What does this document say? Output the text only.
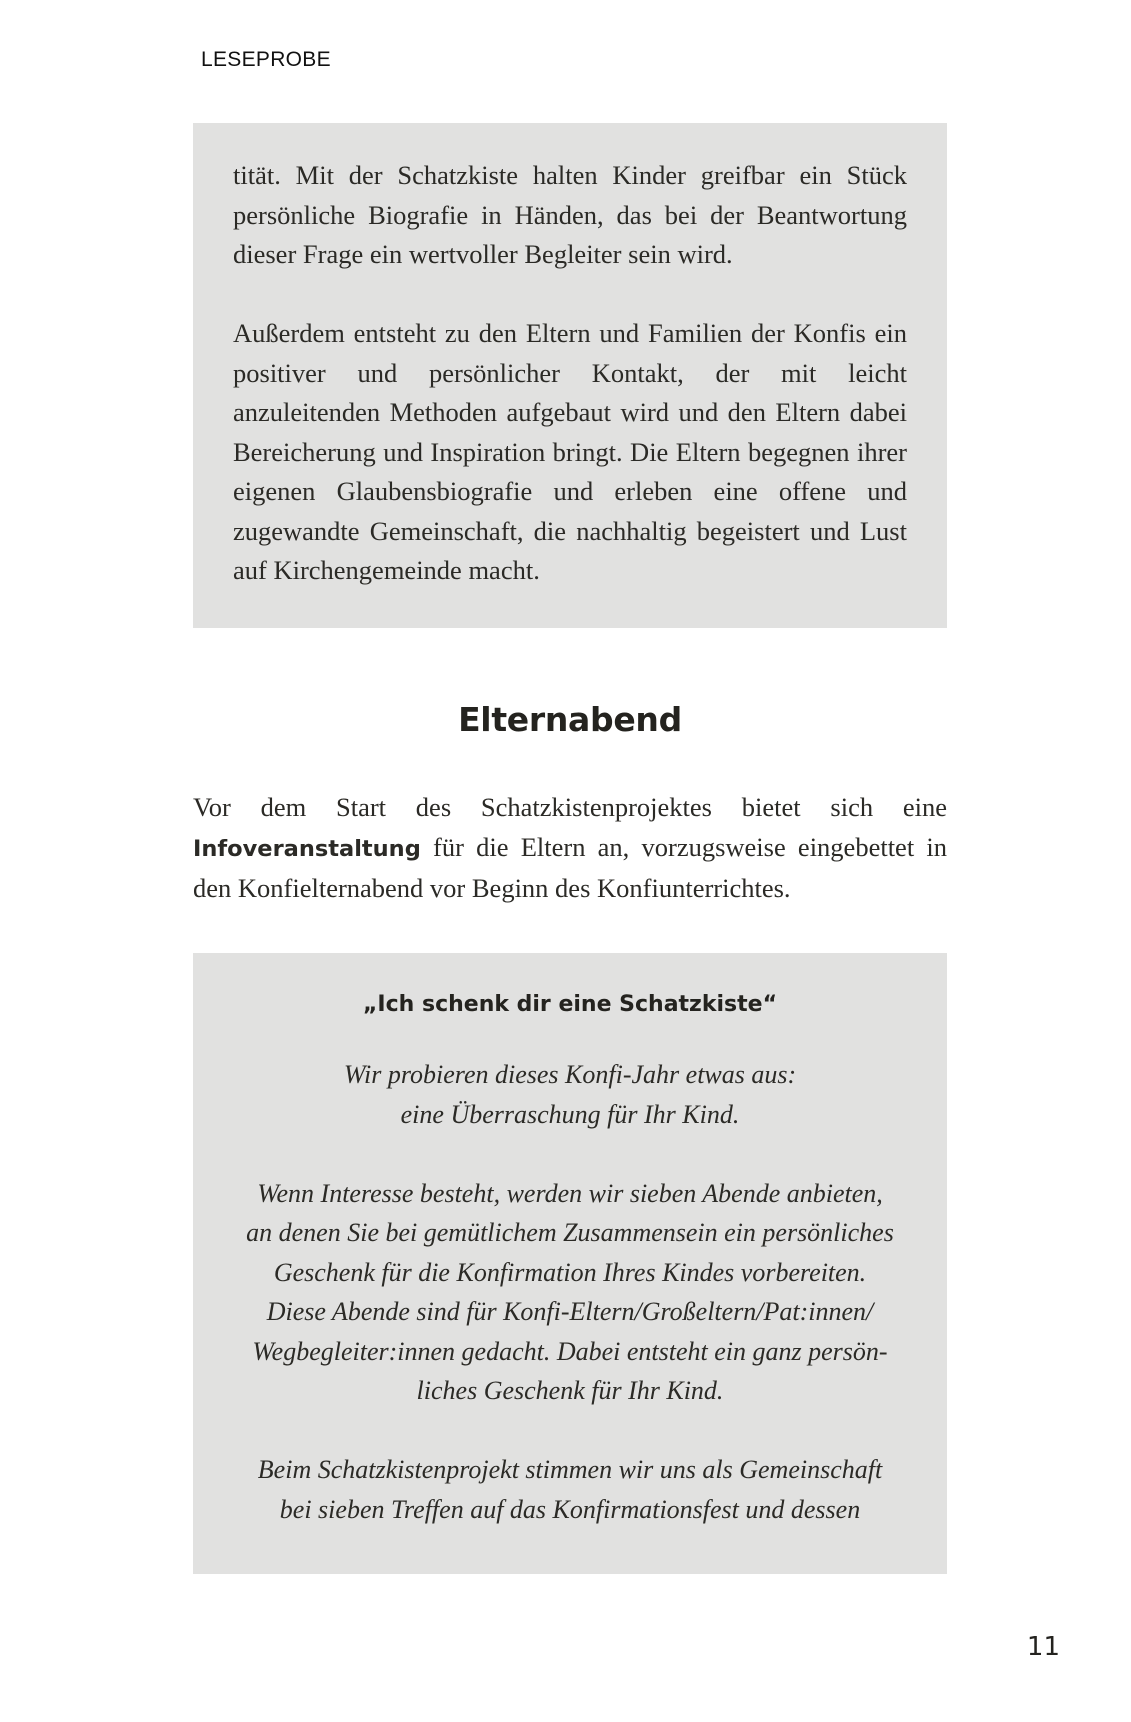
LESEPROBE

tität. Mit der Schatzkiste halten Kinder greifbar ein Stück persönliche Biografie in Händen, das bei der Beantwortung dieser Frage ein wertvoller Begleiter sein wird.

Außerdem entsteht zu den Eltern und Familien der Konfis ein positiver und persönlicher Kontakt, der mit leicht anzuleitenden Methoden aufgebaut wird und den Eltern dabei Bereicherung und Inspiration bringt. Die Eltern begegnen ihrer eigenen Glaubensbiografie und erleben eine offene und zugewandte Gemeinschaft, die nachhaltig begeistert und Lust auf Kirchengemeinde macht.

Elternabend

Vor dem Start des Schatzkistenprojektes bietet sich eine Infoveranstaltung für die Eltern an, vorzugsweise eingebettet in den Konfielternabend vor Beginn des Konfiunterrichtes.

„Ich schenk dir eine Schatzkiste“

Wir probieren dieses Konfi-Jahr etwas aus:
eine Überraschung für Ihr Kind.

Wenn Interesse besteht, werden wir sieben Abende anbieten,
an denen Sie bei gemütlichem Zusammensein ein persönliches
Geschenk für die Konfirmation Ihres Kindes vorbereiten.
Diese Abende sind für Konfi-Eltern/Großeltern/Pat:innen/
Wegbegleiter:innen gedacht. Dabei entsteht ein ganz persön-
liches Geschenk für Ihr Kind.

Beim Schatzkistenprojekt stimmen wir uns als Gemeinschaft
bei sieben Treffen auf das Konfirmationsfest und dessen

11
